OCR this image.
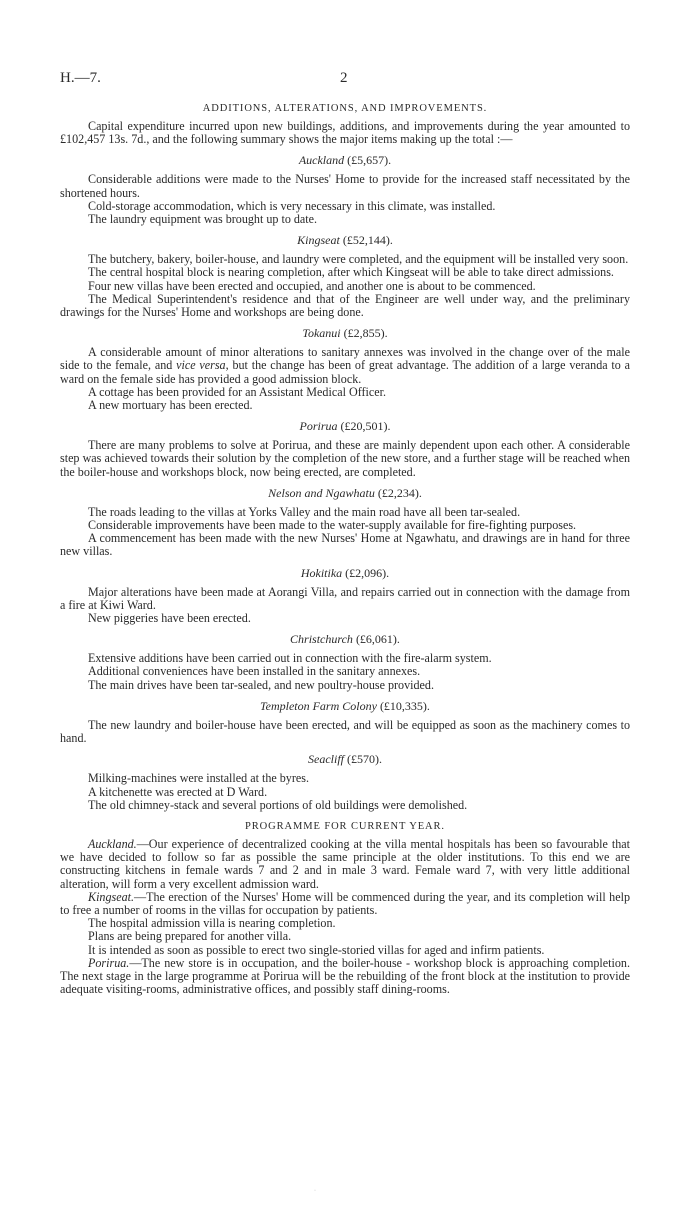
H.—7.	2
ADDITIONS, ALTERATIONS, AND IMPROVEMENTS.

Capital expenditure incurred upon new buildings, additions, and improvements during the year amounted to £102,457 13s. 7d., and the following summary shows the major items making up the total :—

Auckland (£5,657).

Considerable additions were made to the Nurses' Home to provide for the increased staff necessitated by the shortened hours.

Cold-storage accommodation, which is very necessary in this climate, was installed.

The laundry equipment was brought up to date.

Kingseat (£52,144).

The butchery, bakery, boiler-house, and laundry were completed, and the equipment will be installed very soon.

The central hospital block is nearing completion, after which Kingseat will be able to take direct admissions.

Four new villas have been erected and occupied, and another one is about to be commenced.

The Medical Superintendent's residence and that of the Engineer are well under way, and the preliminary drawings for the Nurses' Home and workshops are being done.

Tokanui (£2,855).

A considerable amount of minor alterations to sanitary annexes was involved in the change over of the male side to the female, and vice versa, but the change has been of great advantage. The addition of a large veranda to a ward on the female side has provided a good admission block.

A cottage has been provided for an Assistant Medical Officer.

A new mortuary has been erected.

Porirua (£20,501).

There are many problems to solve at Porirua, and these are mainly dependent upon each other. A considerable step was achieved towards their solution by the completion of the new store, and a further stage will be reached when the boiler-house and workshops block, now being erected, are completed.

Nelson and Ngawhatu (£2,234).

The roads leading to the villas at Yorks Valley and the main road have all been tar-sealed.

Considerable improvements have been made to the water-supply available for fire-fighting purposes.

A commencement has been made with the new Nurses' Home at Ngawhatu, and drawings are in hand for three new villas.

Hokitika (£2,096).

Major alterations have been made at Aorangi Villa, and repairs carried out in connection with the damage from a fire at Kiwi Ward.

New piggeries have been erected.

Christchurch (£6,061).

Extensive additions have been carried out in connection with the fire-alarm system.

Additional conveniences have been installed in the sanitary annexes.

The main drives have been tar-sealed, and new poultry-house provided.

Templeton Farm Colony (£10,335).

The new laundry and boiler-house have been erected, and will be equipped as soon as the machinery comes to hand.

Seacliff (£570).

Milking-machines were installed at the byres.

A kitchenette was erected at D Ward.

The old chimney-stack and several portions of old buildings were demolished.

PROGRAMME FOR CURRENT YEAR.

Auckland.—Our experience of decentralized cooking at the villa mental hospitals has been so favourable that we have decided to follow so far as possible the same principle at the older institutions. To this end we are constructing kitchens in female wards 7 and 2 and in male 3 ward. Female ward 7, with very little additional alteration, will form a very excellent admission ward.

Kingseat.—The erection of the Nurses' Home will be commenced during the year, and its completion will help to free a number of rooms in the villas for occupation by patients.

The hospital admission villa is nearing completion.

Plans are being prepared for another villa.

It is intended as soon as possible to erect two single-storied villas for aged and infirm patients.

Porirua.—The new store is in occupation, and the boiler-house - workshop block is approaching completion. The next stage in the large programme at Porirua will be the rebuilding of the front block at the institution to provide adequate visiting-rooms, administrative offices, and possibly staff dining-rooms.

·
